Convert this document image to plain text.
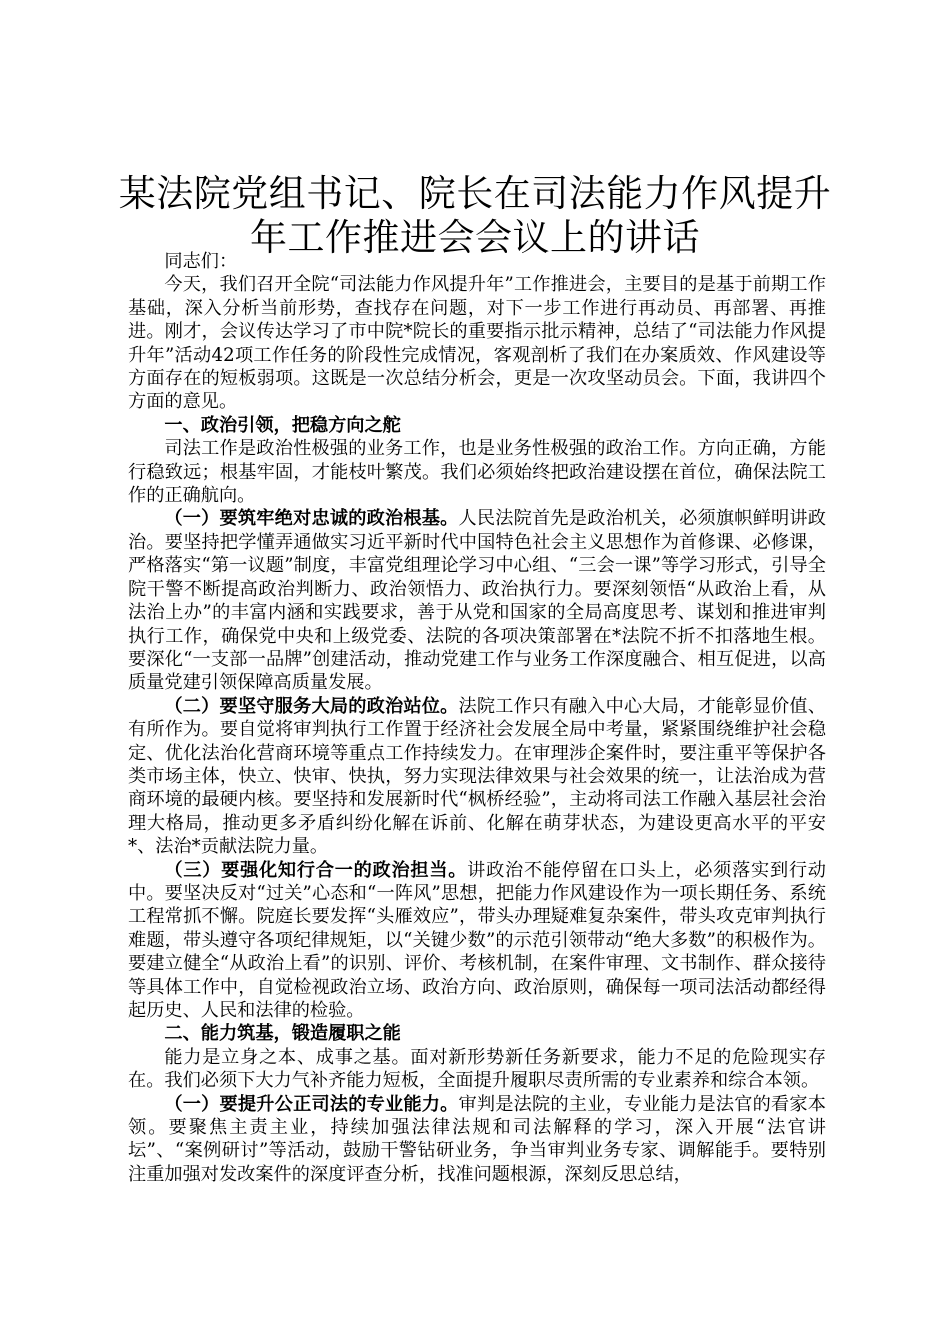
某法院党组书记、院长在司法能力作风提升年工作推进会会议上的讲话

同志们：

今天，我们召开全院“司法能力作风提升年”工作推进会，主要目的是基于前期工作基础，深入分析当前形势，查找存在问题，对下一步工作进行再动员、再部署、再推进。刚才，会议传达学习了市中院*院长的重要指示批示精神，总结了“司法能力作风提升年”活动42项工作任务的阶段性完成情况，客观剖析了我们在办案质效、作风建设等方面存在的短板弱项。这既是一次总结分析会，更是一次攻坚动员会。下面，我讲四个方面的意见。

一、政治引领，把稳方向之舵

司法工作是政治性极强的业务工作，也是业务性极强的政治工作。方向正确，方能行稳致远；根基牢固，才能枝叶繁茂。我们必须始终把政治建设摆在首位，确保法院工作的正确航向。

（一）要筑牢绝对忠诚的政治根基。人民法院首先是政治机关，必须旗帜鲜明讲政治。要坚持把学懂弄通做实习近平新时代中国特色社会主义思想作为首修课、必修课，严格落实“第一议题”制度，丰富党组理论学习中心组、“三会一课”等学习形式，引导全院干警不断提高政治判断力、政治领悟力、政治执行力。要深刻领悟“从政治上看，从法治上办”的丰富内涵和实践要求，善于从党和国家的全局高度思考、谋划和推进审判执行工作，确保党中央和上级党委、法院的各项决策部署在*法院不折不扣落地生根。要深化“一支部一品牌”创建活动，推动党建工作与业务工作深度融合、相互促进，以高质量党建引领保障高质量发展。

（二）要坚守服务大局的政治站位。法院工作只有融入中心大局，才能彰显价值、有所作为。要自觉将审判执行工作置于经济社会发展全局中考量，紧紧围绕维护社会稳定、优化法治化营商环境等重点工作持续发力。在审理涉企案件时，要注重平等保护各类市场主体，快立、快审、快执，努力实现法律效果与社会效果的统一，让法治成为营商环境的最硬内核。要坚持和发展新时代“枫桥经验”，主动将司法工作融入基层社会治理大格局，推动更多矛盾纠纷化解在诉前、化解在萌芽状态，为建设更高水平的平安*、法治*贡献法院力量。

（三）要强化知行合一的政治担当。讲政治不能停留在口头上，必须落实到行动中。要坚决反对“过关”心态和“一阵风”思想，把能力作风建设作为一项长期任务、系统工程常抓不懈。院庭长要发挥“头雁效应”，带头办理疑难复杂案件，带头攻克审判执行难题，带头遵守各项纪律规矩，以“关键少数”的示范引领带动“绝大多数”的积极作为。要建立健全“从政治上看”的识别、评价、考核机制，在案件审理、文书制作、群众接待等具体工作中，自觉检视政治立场、政治方向、政治原则，确保每一项司法活动都经得起历史、人民和法律的检验。

二、能力筑基，锻造履职之能

能力是立身之本、成事之基。面对新形势新任务新要求，能力不足的危险现实存在。我们必须下大力气补齐能力短板，全面提升履职尽责所需的专业素养和综合本领。

（一）要提升公正司法的专业能力。审判是法院的主业，专业能力是法官的看家本领。要聚焦主责主业，持续加强法律法规和司法解释的学习，深入开展“法官讲坛”、“案例研讨”等活动，鼓励干警钻研业务，争当审判业务专家、调解能手。要特别注重加强对发改案件的深度评查分析，找准问题根源，深刻反思总结，
